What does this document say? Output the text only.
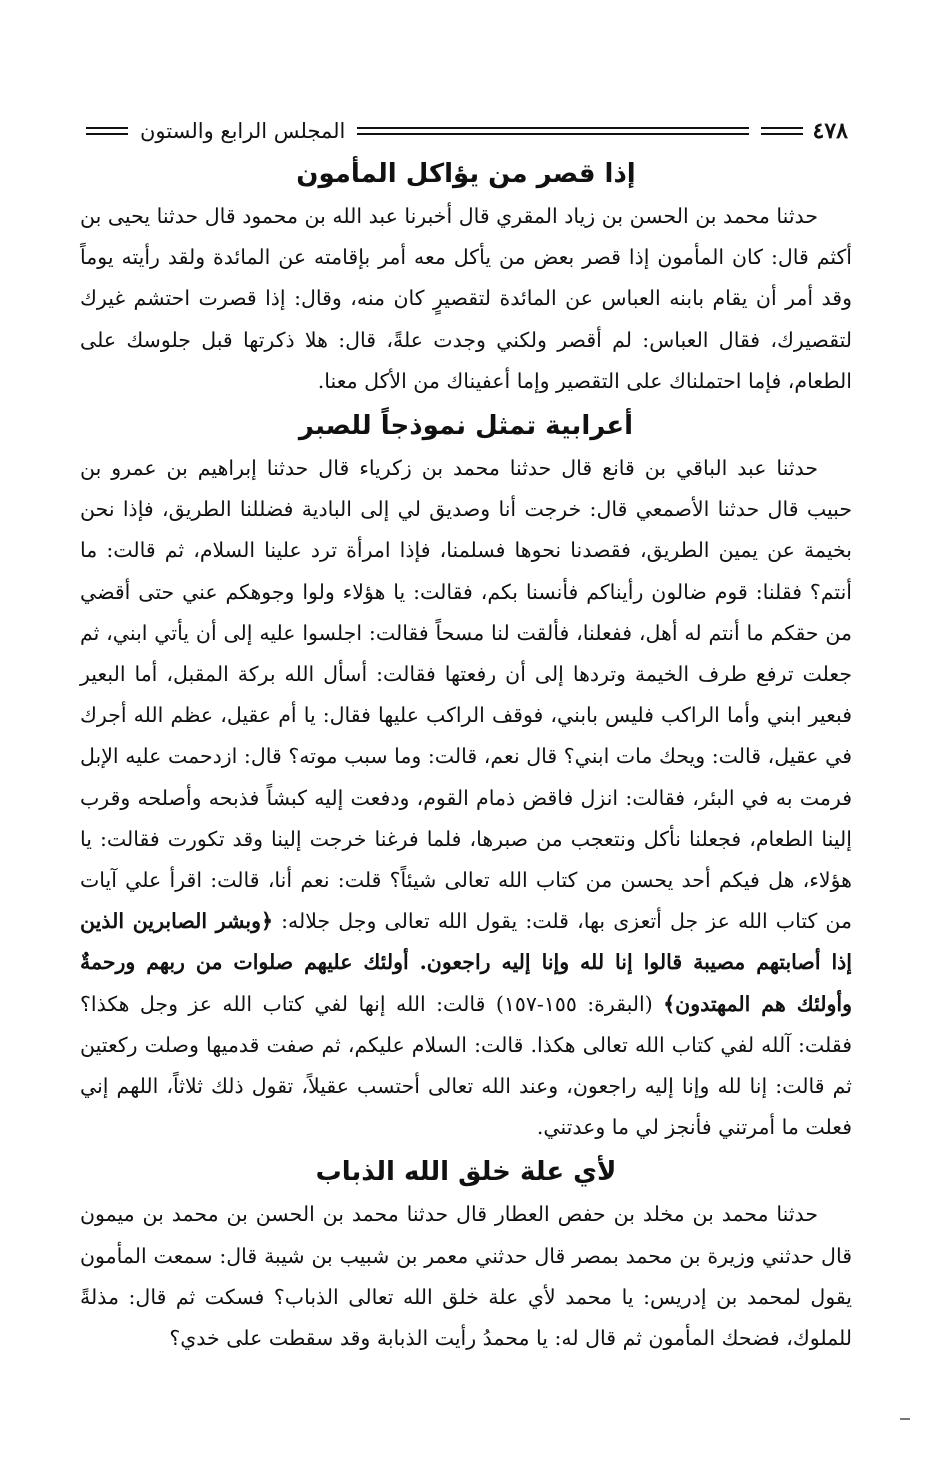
٤٧٨
المجلس الرابع والستون
إذا قصر من يؤاكل المأمون

حدثنا محمد بن الحسن بن زياد المقري قال أخبرنا عبد الله بن محمود قال حدثنا يحيى بن أكثم قال: كان المأمون إذا قصر بعض من يأكل معه أمر بإقامته عن المائدة ولقد رأيته يوماً وقد أمر أن يقام بابنه العباس عن المائدة لتقصيرٍ كان منه، وقال: إذا قصرت احتشم غيرك لتقصيرك، فقال العباس: لم أقصر ولكني وجدت علةً، قال: هلا ذكرتها قبل جلوسك على الطعام، فإما احتملناك على التقصير وإما أعفيناك من الأكل معنا.

أعرابية تمثل نموذجاً للصبر

حدثنا عبد الباقي بن قانع قال حدثنا محمد بن زكرياء قال حدثنا إبراهيم بن عمرو بن حبيب قال حدثنا الأصمعي قال: خرجت أنا وصديق لي إلى البادية فضللنا الطريق، فإذا نحن بخيمة عن يمين الطريق، فقصدنا نحوها فسلمنا، فإذا امرأة ترد علينا السلام، ثم قالت: ما أنتم؟ فقلنا: قوم ضالون رأيناكم فأنسنا بكم، فقالت: يا هؤلاء ولوا وجوهكم عني حتى أقضي من حقكم ما أنتم له أهل، ففعلنا، فألقت لنا مسحاً فقالت: اجلسوا عليه إلى أن يأتي ابني، ثم جعلت ترفع طرف الخيمة وتردها إلى أن رفعتها فقالت: أسأل الله بركة المقبل، أما البعير فبعير ابني وأما الراكب فليس بابني، فوقف الراكب عليها فقال: يا أم عقيل، عظم الله أجرك في عقيل، قالت: ويحك مات ابني؟ قال نعم، قالت: وما سبب موته؟ قال: ازدحمت عليه الإبل فرمت به في البئر، فقالت: انزل فاقض ذمام القوم، ودفعت إليه كبشاً فذبحه وأصلحه وقرب إلينا الطعام، فجعلنا نأكل ونتعجب من صبرها، فلما فرغنا خرجت إلينا وقد تكورت فقالت: يا هؤلاء، هل فيكم أحد يحسن من كتاب الله تعالى شيئاً؟ قلت: نعم أنا، قالت: اقرأ علي آيات من كتاب الله عز جل أتعزى بها، قلت: يقول الله تعالى وجل جلاله: ﴿وبشر الصابرين الذين إذا أصابتهم مصيبة قالوا إنا لله وإنا إليه راجعون. أولئك عليهم صلوات من ربهم ورحمةٌ وأولئك هم المهتدون﴾ (البقرة: ١٥٥-١٥٧) قالت: الله إنها لفي كتاب الله عز وجل هكذا؟ فقلت: آلله لفي كتاب الله تعالى هكذا. قالت: السلام عليكم، ثم صفت قدميها وصلت ركعتين ثم قالت: إنا لله وإنا إليه راجعون، وعند الله تعالى أحتسب عقيلاً، تقول ذلك ثلاثاً، اللهم إني فعلت ما أمرتني فأنجز لي ما وعدتني.

لأي علة خلق الله الذباب

حدثنا محمد بن مخلد بن حفص العطار قال حدثنا محمد بن الحسن بن محمد بن ميمون قال حدثني وزيرة بن محمد بمصر قال حدثني معمر بن شبيب بن شيبة قال: سمعت المأمون يقول لمحمد بن إدريس: يا محمد لأي علة خلق الله تعالى الذباب؟ فسكت ثم قال: مذلةً للملوك، فضحك المأمون ثم قال له: يا محمدُ رأيت الذبابة وقد سقطت على خدي؟
